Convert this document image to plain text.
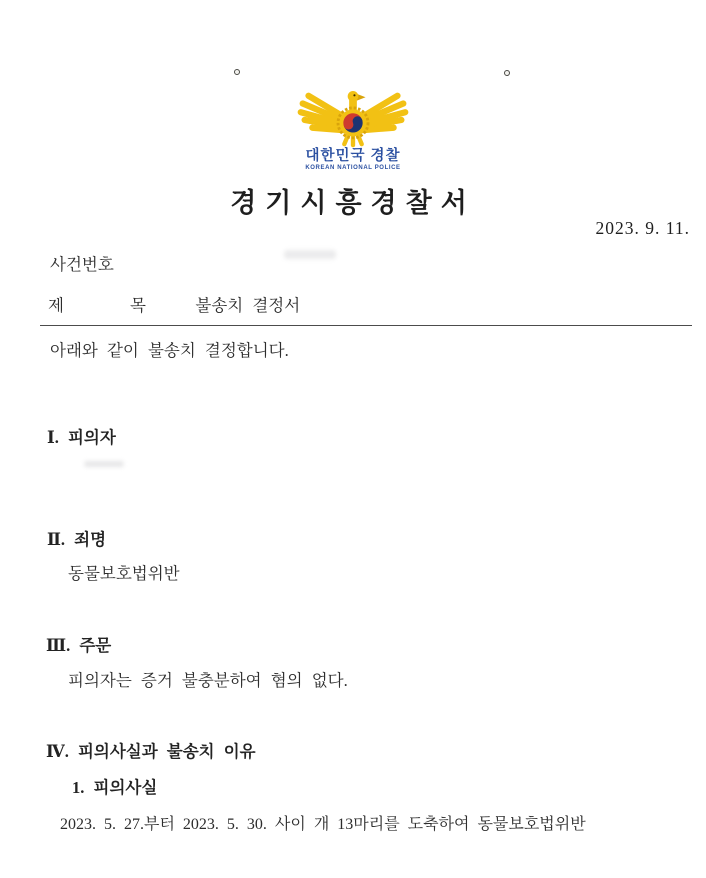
대한민국 경찰
KOREAN NATIONAL POLICE
경기시흥경찰서
2023. 9. 11.
사건번호
제　　　　목　　　불송치 결정서
아래와 같이 불송치 결정합니다.
Ⅰ. 피의자
Ⅱ. 죄명
동물보호법위반
Ⅲ. 주문
피의자는 증거 불충분하여 혐의 없다.
Ⅳ. 피의사실과 불송치 이유
1. 피의사실
2023. 5. 27.부터 2023. 5. 30. 사이 개 13마리를 도축하여 동물보호법위반
